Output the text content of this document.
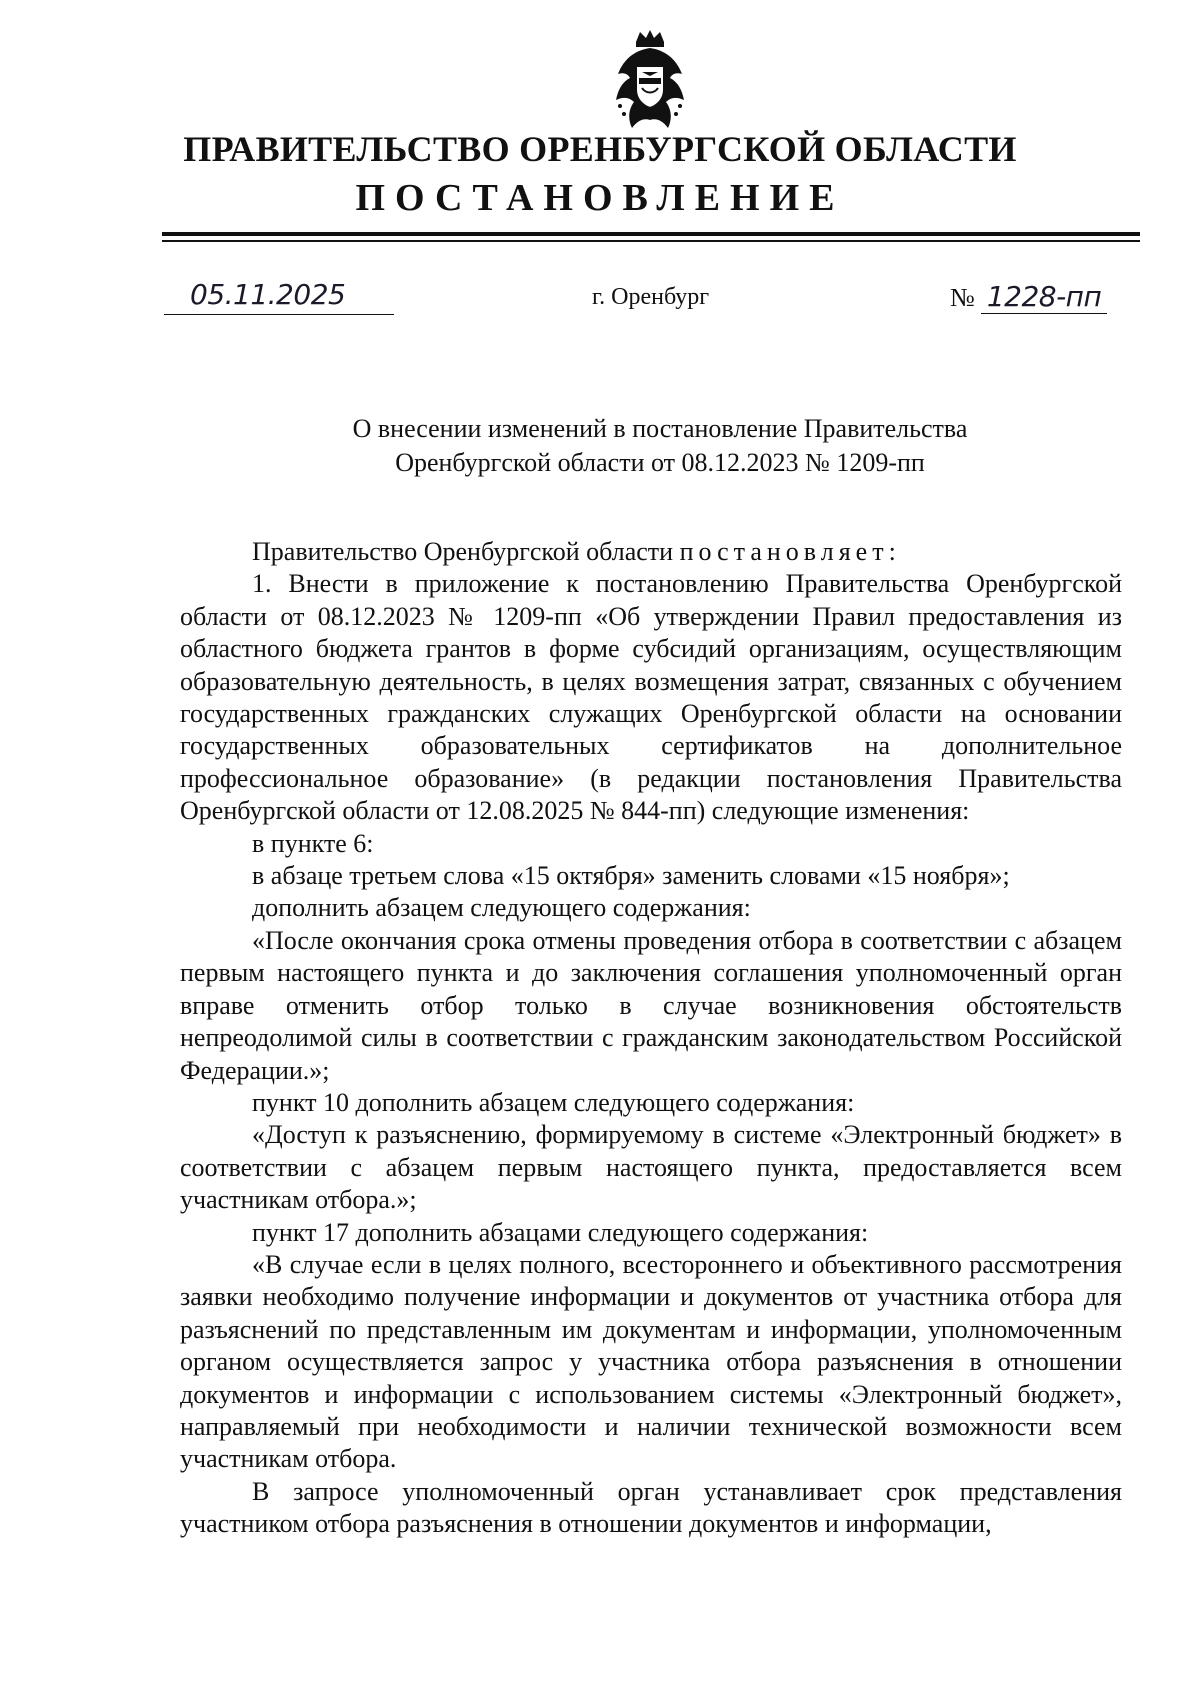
ПРАВИТЕЛЬСТВО ОРЕНБУРГСКОЙ ОБЛАСТИ
ПОСТАНОВЛЕНИЕ
05.11.2025	г. Оренбург	№ 1228-пп
О внесении изменений в постановление Правительства
Оренбургской области от 08.12.2023 № 1209-пп

Правительство Оренбургской области постановляет:

1. Внести в приложение к постановлению Правительства Оренбургской области от 08.12.2023 № 1209-пп «Об утверждении Правил предоставления из областного бюджета грантов в форме субсидий организациям, осуществляющим образовательную деятельность, в целях возмещения затрат, связанных с обучением государственных гражданских служащих Оренбургской области на основании государственных образовательных сертификатов на дополнительное профессиональное образование» (в редакции постановления Правительства Оренбургской области от 12.08.2025 № 844-пп) следующие изменения:

в пункте 6:

в абзаце третьем слова «15 октября» заменить словами «15 ноября»;

дополнить абзацем следующего содержания:

«После окончания срока отмены проведения отбора в соответствии с абзацем первым настоящего пункта и до заключения соглашения уполномоченный орган вправе отменить отбор только в случае возникновения обстоятельств непреодолимой силы в соответствии с гражданским законодательством Российской Федерации.»;

пункт 10 дополнить абзацем следующего содержания:

«Доступ к разъяснению, формируемому в системе «Электронный бюджет» в соответствии с абзацем первым настоящего пункта, предоставляется всем участникам отбора.»;

пункт 17 дополнить абзацами следующего содержания:

«В случае если в целях полного, всестороннего и объективного рассмотрения заявки необходимо получение информации и документов от участника отбора для разъяснений по представленным им документам и информации, уполномоченным органом осуществляется запрос у участника отбора разъяснения в отношении документов и информации с использованием системы «Электронный бюджет», направляемый при необходимости и наличии технической возможности всем участникам отбора.

В запросе уполномоченный орган устанавливает срок представления участником отбора разъяснения в отношении документов и информации,
